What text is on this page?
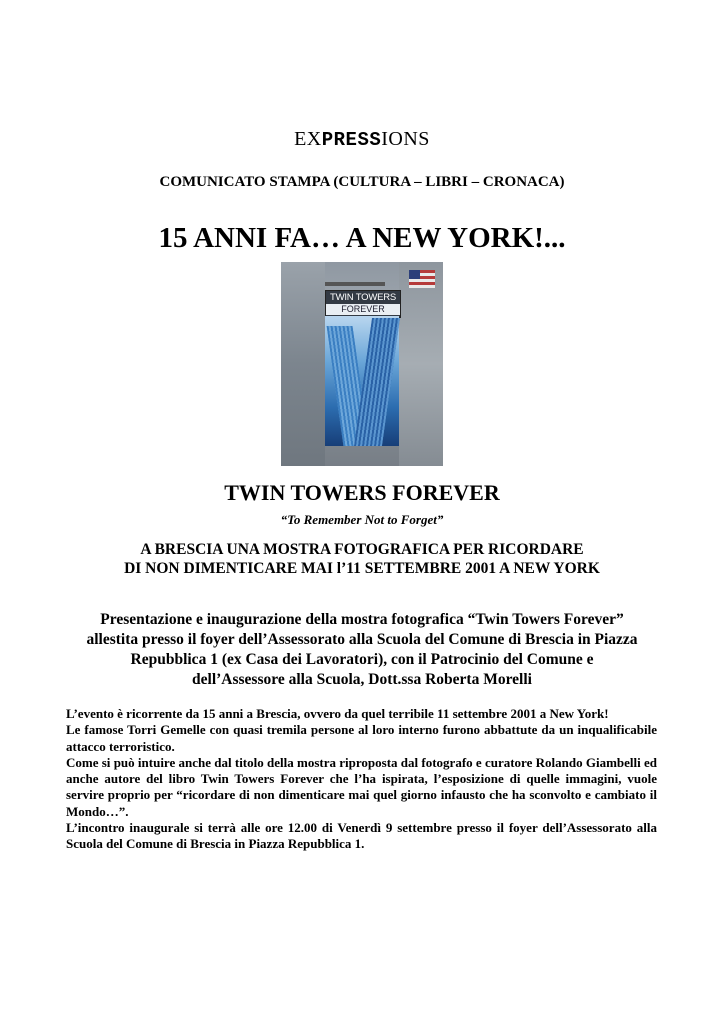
EXPRESSIONS
COMUNICATO STAMPA (CULTURA – LIBRI – CRONACA)
15 ANNI FA… A NEW YORK!...
TWIN TOWERS
FOREVER
TWIN TOWERS FOREVER
“To Remember Not to Forget”
A BRESCIA UNA MOSTRA FOTOGRAFICA PER RICORDARE
DI NON DIMENTICARE MAI l’11 SETTEMBRE 2001 A NEW YORK
Presentazione e inaugurazione della mostra fotografica “Twin Towers Forever”
allestita presso il foyer dell’Assessorato alla Scuola del Comune di Brescia in Piazza
Repubblica 1 (ex Casa dei Lavoratori), con il Patrocinio del Comune e
dell’Assessore alla Scuola, Dott.ssa Roberta Morelli

L’evento è ricorrente da 15 anni a Brescia, ovvero da quel terribile 11 settembre 2001 a New York!

Le famose Torri Gemelle con quasi tremila persone al loro interno furono abbattute da un inqualificabile attacco terroristico.

Come si può intuire anche dal titolo della mostra riproposta dal fotografo e curatore Rolando Giambelli ed anche autore del libro Twin Towers Forever che l’ha ispirata, l’esposizione di quelle immagini, vuole servire proprio per “ricordare di non dimenticare mai quel giorno infausto che ha sconvolto e cambiato il Mondo…”.

L’incontro inaugurale si terrà alle ore 12.00 di Venerdì 9 settembre presso il foyer dell’Assessorato alla Scuola del Comune di Brescia in Piazza Repubblica 1.
